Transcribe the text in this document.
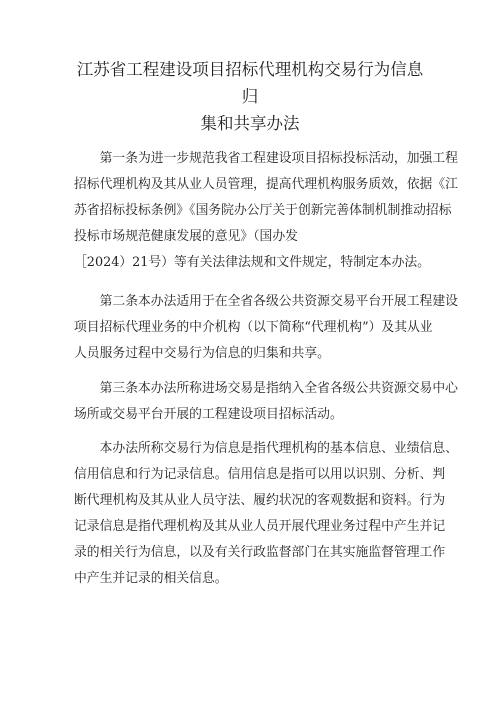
江苏省工程建设项目招标代理机构交易行为信息归
集和共享办法

　　第一条为进一步规范我省工程建设项目招标投标活动，加强工程
招标代理机构及其从业人员管理，提高代理机构服务质效，依据《江
苏省招标投标条例》《国务院办公厅关于创新完善体制机制推动招标
投标市场规范健康发展的意见》（国办发
［2024）21号）等有关法律法规和文件规定，特制定本办法。

　　第二条本办法适用于在全省各级公共资源交易平台开展工程建设
项目招标代理业务的中介机构（以下简称“代理机构”）及其从业
人员服务过程中交易行为信息的归集和共享。

　　第三条本办法所称进场交易是指纳入全省各级公共资源交易中心
场所或交易平台开展的工程建设项目招标活动。

　　本办法所称交易行为信息是指代理机构的基本信息、业绩信息、
信用信息和行为记录信息。信用信息是指可以用以识别、分析、判
断代理机构及其从业人员守法、履约状况的客观数据和资料。行为
记录信息是指代理机构及其从业人员开展代理业务过程中产生并记
录的相关行为信息，以及有关行政监督部门在其实施监督管理工作
中产生并记录的相关信息。
